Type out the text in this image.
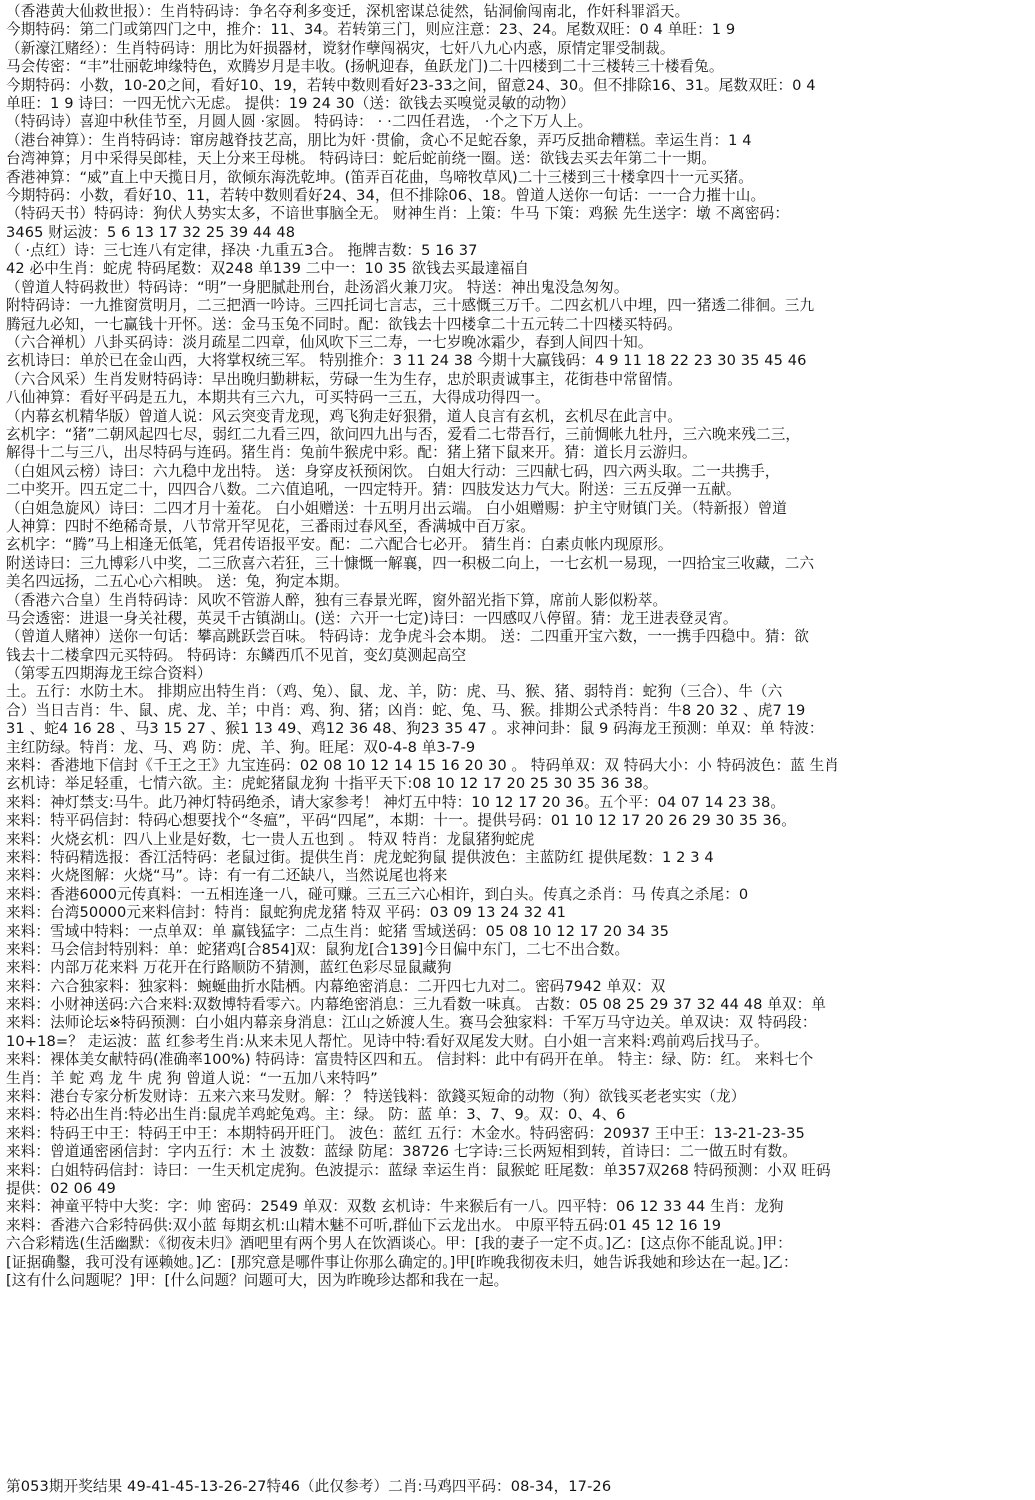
（香港黄大仙救世报）：生肖特码诗：争名夺利多变迁，深机密谋总徒然，钻洞偷闯南北，作奸科罪滔天。
今期特码：第二门或第四门之中，推介：11、34。若转第三门，则应注意：23、24。尾数双旺：0 4 单旺：1 9
（新濠江赌经）：生肖特码诗：朋比为奸损器材，谠豺作孽闯祸灾，七奸八九心内惑，原情定罪受制裁。
马会传密：“丰”壮丽乾坤缘特色，欢腾岁月是丰收。(扬帆迎春，鱼跃龙门)二十四楼到二十三楼转三十楼看兔。
今期特码：小数，10-20之间，看好10、19，若转中数则看好23-33之间，留意24、30。但不排除16、31。尾数双旺：0 4
单旺：1 9 诗曰：一四无忧六无虑。 提供：19 24 30（送：欲钱去买嗅觉灵敏的动物）
（特码诗）喜迎中秋佳节至，月圆人圆 ·家圆。 特码诗： · ·二四任君选， ·个之下万人上。
（港台神算）：生肖特码诗：窜房越脊技艺高，朋比为奸 ·贯偷，贪心不足蛇吞象，弄巧反拙命糟糕。幸运生肖：1 4
台湾神算；月中采得吴郎桂，天上分来王母桃。 特码诗曰：蛇后蛇前绕一圈。送：欲钱去买去年第二十一期。
香港神算：“威”直上中天揽日月，欲倾东海洗乾坤。(笛弄百花曲，鸟啼牧草风)二十三楼到三十楼拿四十一元买猪。
今期特码：小数，看好10、11，若转中数则看好24、34，但不排除06、18。曾道人送你一句话：一一合力摧十山。
（特码天书）特码诗：狗伏人势实太多，不谙世事脑全无。 财神生肖：上策：牛马 下策：鸡猴 先生送字：墩 不离密码：
3465 财运波：5 6 13 17 32 25 39 44 48
（ ·点红）诗：三七连八有定律，择决 ·九重五3合。 拖牌吉数：5 16 37
42 必中生肖：蛇虎 特码尾数：双248 单139 二中一：10 35 欲钱去买最達福自
（曾道人特码救世）特码诗：“明”一身肥腻赴刑台，赴汤滔火兼刀灾。 特送：神出鬼没急匆匆。
附特码诗：一九推窗赏明月，二三把酒一吟诗。三四托词七言志，三十感慨三万千。二四玄机八中埋，四一猪透二徘徊。三九
腾冠九必知，一七赢钱十开怀。送：金马玉兔不同时。配：欲钱去十四楼拿二十五元转二十四楼买特码。
（六合禅机）八卦买码诗：淡月疏星二四章，仙风吹下三二寿，一七岁晚冰霜少，春到人间四十知。
玄机诗曰：单於已在金山西，大将掌权统三军。 特别推介：3 11 24 38 今期十大赢钱码：4 9 11 18 22 23 30 35 45 46
（六合风采）生肖发财特码诗：早出晚归勤耕耘，劳碌一生为生存，忠於职责诚事主，花街巷中常留情。
八仙神算：看好平码是五九，本期共有三六九，可买特码一三五，大得成功得四一。
（内幕玄机精华版）曾道人说：风云突变青龙现，鸡飞狗走好狠猾，道人良言有玄机，玄机尽在此言中。
玄机字：“猪”二朝风起四七尽，弱红二九看三四，欲问四九出与否，爱看二七带吾行，三前惆帐九牡丹，三六晚来残二三，
解得十二与三八，出尽特码与连码。猪生肖：兔前牛猴虎中彩。配：猪上猪下鼠来开。猜：道长月云游归。
（白姐风云榜）诗曰：六九稳中龙出特。 送：身穿皮袄预闲饮。 白姐大行动：三四献七码，四六两头取。二一共携手，
二中奖开。四五定二十，四四合八数。二六值追吼，一四定特开。猜：四肢发达力气大。附送：三五反弹一五献。
（白姐急旋风）诗曰：二四才月十羞花。 白小姐赠送：十五明月出云端。 白小姐赠赐：护主守财镇门关。（特新报）曾道
人神算：四时不绝稀奇景，八节常开罕见花，三番雨过春风至，香满城中百万家。
玄机字：“腾”马上相逢无低笔，凭君传语报平安。配：二六配合七必开。 猜生肖：白素贞帐内现原形。
附送诗曰：三九博彩八中奖，二三欣喜六若狂，三十慷慨一解襄，四一积极二向上，一七玄机一易现，一四拾宝三收藏，二六
美名四远扬，二五心心六相映。 送：兔，狗定本期。
（香港六合皇）生肖特码诗：风吹不管游人醉，独有三春景光晖，窗外韶光指下算，席前人影似粉萃。
马会透密：进退一身关社稷，英灵千古镇湖山。(送：六开一七定)诗曰：一四感叹八停留。猜：龙王进表登灵宵。
（曾道人赌神）送你一句话：攀高跳跃尝百味。 特码诗：龙争虎斗会本期。 送：二四重开宝六数，一一携手四稳中。猜：欲
钱去十二楼拿四元买特码。 特码诗：东鳞西爪不见首，变幻莫测起高空
（第零五四期海龙王综合资料）
土。五行：水防土木。 排期应出特生肖：（鸡、兔）、鼠、龙、羊，防：虎、马、猴、猪、弱特肖：蛇狗（三合）、牛（六
合）当日吉肖：牛、鼠、虎、龙、羊；中肖：鸡、狗、猪；凶肖：蛇、兔、马、猴。排期公式杀特肖：牛8 20 32 、虎7 19
31 、蛇4 16 28 、马3 15 27 、猴1 13 49、鸡12 36 48、狗23 35 47 。求神问卦：鼠 9 码海龙王预测：单双：单 特波：
主红防绿。特肖：龙、马、鸡 防：虎、羊、狗。旺尾：双0-4-8 单3-7-9
来料：香港地下信封《千王之王》九宝连码：02 08 10 12 14 15 16 20 30 。 特码单双：双 特码大小：小 特码波色：蓝 生肖
玄机诗：举足轻重，七情六欲。主：虎蛇猪鼠龙狗 十指平天下:08 10 12 17 20 25 30 35 36 38。
来料：神灯禁支:马牛。此乃神灯特码绝杀，请大家参考！ 神灯五中特：10 12 17 20 36。五个平：04 07 14 23 38。
来料：特平码信封：特码心想要找个“冬瘟”，平码“四尾”，本期：十一。提供号码：01 10 12 17 20 26 29 30 35 36。
来料：火烧玄机：四八上业是好数，七一贵人五也到 。 特双 特肖：龙鼠猪狗蛇虎
来料：特码精选报：香江活特码：老鼠过街。提供生肖：虎龙蛇狗鼠 提供波色：主蓝防红 提供尾数：1 2 3 4
来料：火烧图解：火烧“马”。诗：有一有二还缺八，当然说尾也将来
来料：香港6000元传真料：一五相连逢一八，碰可赚。三五三六心相许，到白头。传真之杀肖：马 传真之杀尾：0
来料：台湾50000元来料信封：特肖：鼠蛇狗虎龙猪 特双 平码：03 09 13 24 32 41
来料：雪域中特料：一点单双：单 赢钱猛字：二点生肖：蛇猪 雪域送码：05 08 10 12 17 20 34 35
来料：马会信封特别料：单：蛇猪鸡[合854]双：鼠狗龙[合139]今日偏中东门，二七不出合数。
来料：内部万花来料 万花开在行路顺防不猜测，蓝红色彩尽显鼠藏狗
来料：六合独家料：独家料：蜿蜒曲折水陆栖。内幕绝密消息：二开四七九对二。密码7942 单双：双
来料：小财神送码:六合来料:双数博特看零六。内幕绝密消息：三九看数一味真。 古数：05 08 25 29 37 32 44 48 单双：单
来料：法师论坛※特码预测：白小姐内幕亲身消息：江山之娇渡人生。赛马会独家料：千军万马守边关。单双诀：双 特码段：
10+18=？ 走运波：蓝 红参考生肖:从来未见人帮忙。见诗中特:看好双尾发大财。白小姐一言来料:鸡前鸡后找马子。
来料：裸体美女献特码(准确率100%) 特码诗：富贵特区四和五。 信封料：此中有码开在单。 特主：绿、防：红。 来料七个
生肖：羊 蛇 鸡 龙 牛 虎 狗 曾道人说：“一五加八来特吗”
来料：港台专家分析发财诗：五来六来马发财。解：？ 特送钱料：欲錢买短命的动物（狗）欲钱买老老实实（龙）
来料：特必出生肖:特必出生肖:鼠虎羊鸡蛇兔鸡。主：绿。 防：蓝 单：3、7、9。双：0、4、6
来料：特码王中王：特码王中王：本期特码开旺门。 波色：蓝红 五行：木金水。特码密码：20937 王中王：13-21-23-35
来料：曾道通密函信封：字内五行：木 土 波数：蓝绿 防尾：38726 七字诗:三长两短相到转，首诗曰：二一做五时有数。
来料：白姐特码信封：诗曰：一生天机定虎狗。色波提示：蓝绿 幸运生肖：鼠猴蛇 旺尾数：单357双268 特码预测：小双 旺码
提供：02 06 49
来料：神童平特中大奖：字：帅 密码：2549 单双：双数 玄机诗：牛来猴后有一八。四平特：06 12 33 44 生肖：龙狗
来料：香港六合彩特码供:双小蓝 每期玄机:山精木魅不可听,群仙下云龙出水。 中原平特五码:01 45 12 16 19
六合彩精选(生活幽默：《彻夜未归》酒吧里有两个男人在饮酒谈心。甲：[我的妻子一定不贞。]乙：[这点你不能乱说。]甲：
[证据确鑿，我可没有诬赖她。]乙：[那究意是哪件事让你那么确定的。]甲[昨晚我彻夜未归，她告诉我她和珍达在一起。]乙：
[这有什么问题呢？]甲：[什么问题？问题可大，因为昨晚珍达都和我在一起。
第053期开奖结果 49-41-45-13-26-27特46（此仅参考）二肖:马鸡四平码：08-34，17-26
